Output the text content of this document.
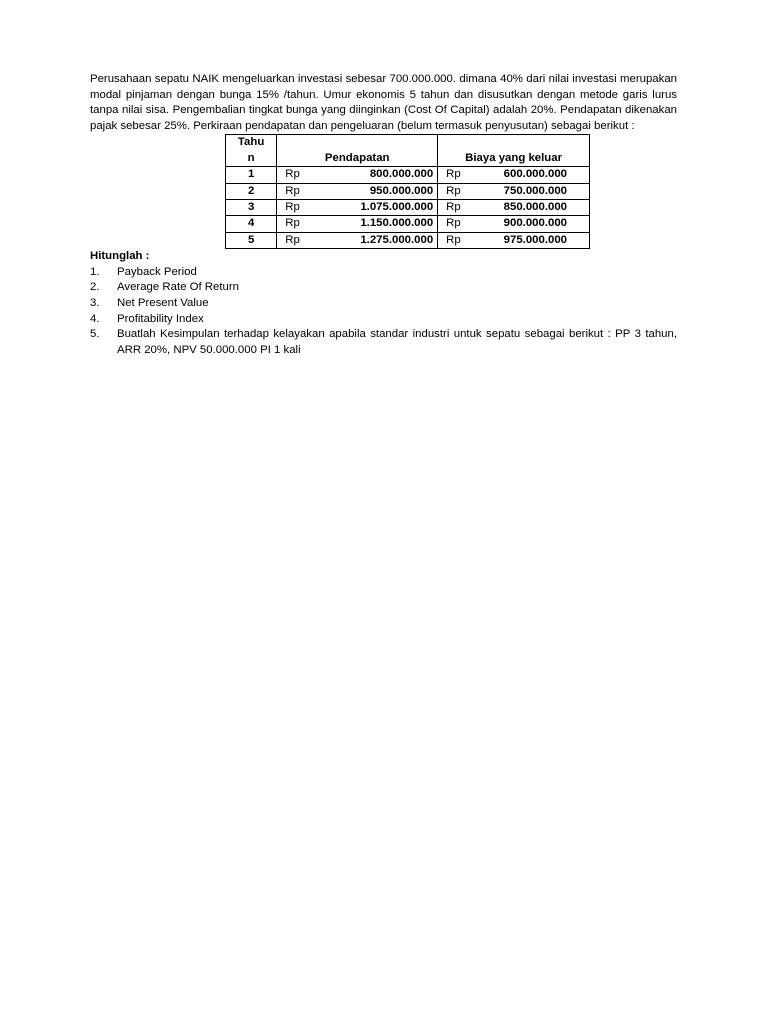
Perusahaan sepatu NAIK mengeluarkan investasi sebesar 700.000.000. dimana 40% dari nilai investasi merupakan modal pinjaman dengan bunga 15% /tahun. Umur ekonomis 5 tahun dan disusutkan dengan metode garis lurus tanpa nilai sisa. Pengembalian tingkat bunga yang diinginkan (Cost Of Capital) adalah 20%. Pendapatan dikenakan pajak sebesar 25%. Perkiraan pendapatan dan pengeluaran (belum termasuk penyusutan) sebagai berikut :

Tahu
n	Pendapatan	Biaya yang keluar
1	Rp 800.000.000	Rp 600.000.000

2	Rp 950.000.000	Rp 750.000.000

3	Rp 1.075.000.000	Rp 850.000.000

4	Rp 1.150.000.000	Rp 900.000.000

5	Rp 1.275.000.000	Rp 975.000.000

Hitunglah :

1.	Payback Period
2.	Average Rate Of Return
3.	Net Present Value
4.	Profitability Index
5.	Buatlah Kesimpulan terhadap kelayakan apabila standar industri untuk sepatu sebagai berikut : PP 3 tahun, ARR 20%, NPV 50.000.000 PI 1 kali
